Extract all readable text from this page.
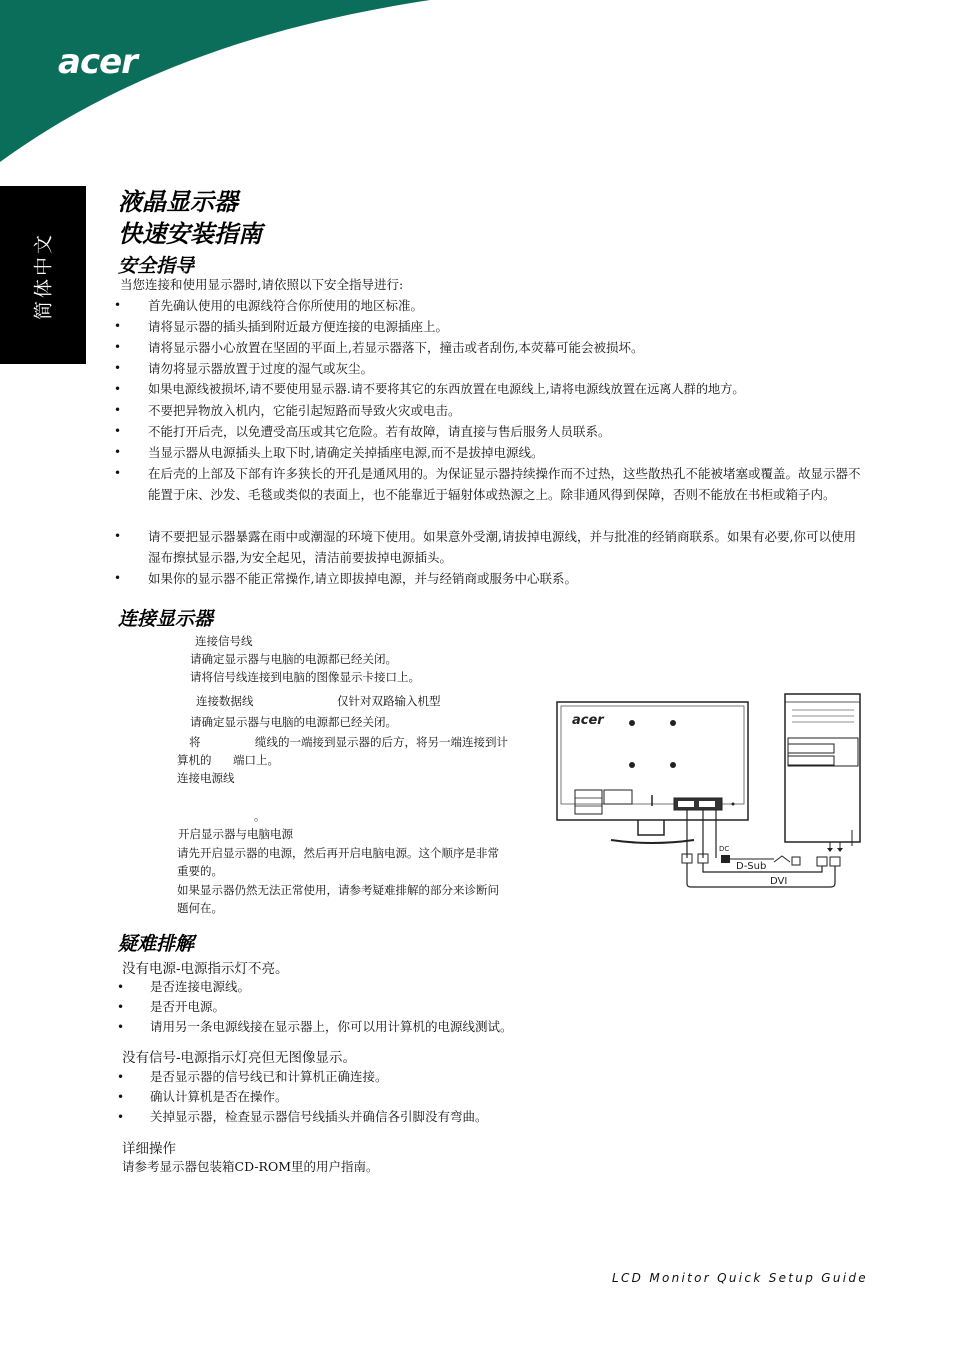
acer
简体中文
液晶显示器
快速安装指南
安全指导
当您连接和使用显示器时,请依照以下安全指导进行:
• 首先确认使用的电源线符合你所使用的地区标准。
• 请将显示器的插头插到附近最方便连接的电源插座上。
• 请将显示器小心放置在坚固的平面上,若显示器落下，撞击或者刮伤,本荧幕可能会被损坏。
• 请勿将显示器放置于过度的湿气或灰尘。
• 如果电源线被损坏,请不要使用显示器.请不要将其它的东西放置在电源线上,请将电源线放置在远离人群的地方。
• 不要把异物放入机内，它能引起短路而导致火灾或电击。
• 不能打开后壳，以免遭受高压或其它危险。若有故障，请直接与售后服务人员联系。
• 当显示器从电源插头上取下时,请确定关掉插座电源,而不是拔掉电源线。
• 在后壳的上部及下部有许多狭长的开孔是通风用的。为保证显示器持续操作而不过热，这些散热孔不能被堵塞或覆盖。故显示器不能置于床、沙发、毛毯或类似的表面上，也不能靠近于辐射体或热源之上。除非通风得到保障，否则不能放在书柜或箱子内。
• 请不要把显示器暴露在雨中或潮湿的环境下使用。如果意外受潮,请拔掉电源线，并与批准的经销商联系。如果有必要,你可以使用湿布擦拭显示器,为安全起见，清洁前要拔掉电源插头。
• 如果你的显示器不能正常操作,请立即拔掉电源，并与经销商或服务中心联系。
连接显示器
连接信号线
请确定显示器与电脑的电源都已经关闭。
请将信号线连接到电脑的图像显示卡接口上。
连接数据线	仅针对双路输入机型
请确定显示器与电脑的电源都已经关闭。
将	缆线的一端接到显示器的后方，将另一端连接到计
算机的 端口上。
连接电源线
。
开启显示器与电脑电源
请先开启显示器的电源，然后再开启电脑电源。这个顺序是非常
重要的。
如果显示器仍然无法正常使用，请参考疑难排解的部分来诊断问
题何在。
acer
DC
D-Sub
DVI
疑难排解
没有电源-电源指示灯不亮。
• 是否连接电源线。
• 是否开电源。
• 请用另一条电源线接在显示器上，你可以用计算机的电源线测试。
没有信号-电源指示灯亮但无图像显示。
• 是否显示器的信号线已和计算机正确连接。
• 确认计算机是否在操作。
• 关掉显示器，检查显示器信号线插头并确信各引脚没有弯曲。
详细操作
请参考显示器包装箱CD-ROM里的用户指南。
LCD Monitor Quick Setup Guide
